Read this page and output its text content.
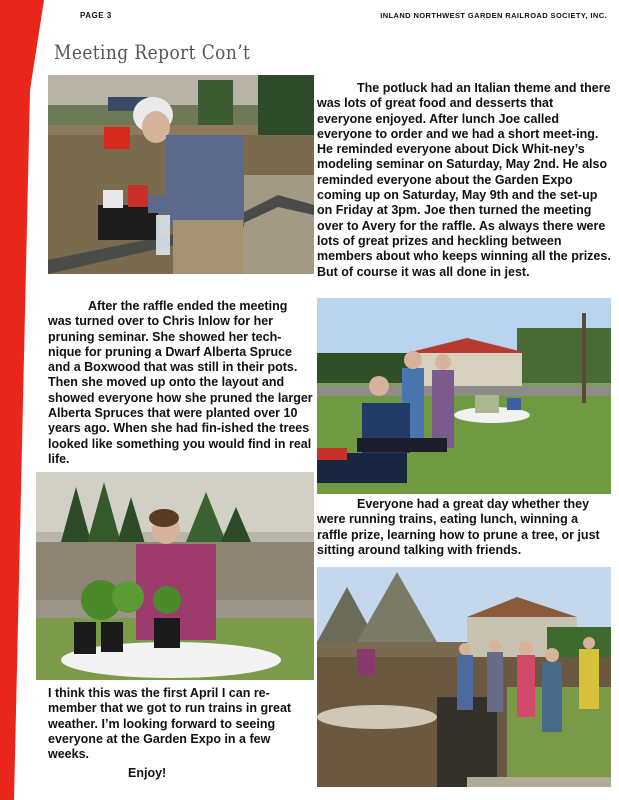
PAGE 3	INLAND NORTHWEST GARDEN RAILROAD SOCIETY, INC.
Meeting Report Con’t

The potluck had an Italian theme and there was lots of great food and desserts that everyone enjoyed. After lunch Joe called everyone to order and we had a short meet-ing. He reminded everyone about Dick Whit-ney’s modeling seminar on Saturday, May 2nd. He also reminded everyone about the Garden Expo coming up on Saturday, May 9th and the set-up on Friday at 3pm. Joe then turned the meeting over to Avery for the raffle. As always there were lots of great prizes and heckling between members about who keeps winning all the prizes. But of course it was all done in jest.

After the raffle ended the meeting was turned over to Chris Inlow for her pruning seminar. She showed her tech-nique for pruning a Dwarf Alberta Spruce and a Boxwood that was still in their pots. Then she moved up onto the layout and showed everyone how she pruned the larger Alberta Spruces that were planted over 10 years ago. When she had fin-ished the trees looked like something you would find in real life.

Everyone had a great day whether they were running trains, eating lunch, winning a raffle prize, learning how to prune a tree, or just sitting around talking with friends.

I think this was the first April I can re-member that we got to run trains in great weather. I’m looking forward to seeing everyone at the Garden Expo in a few weeks.

Enjoy!
